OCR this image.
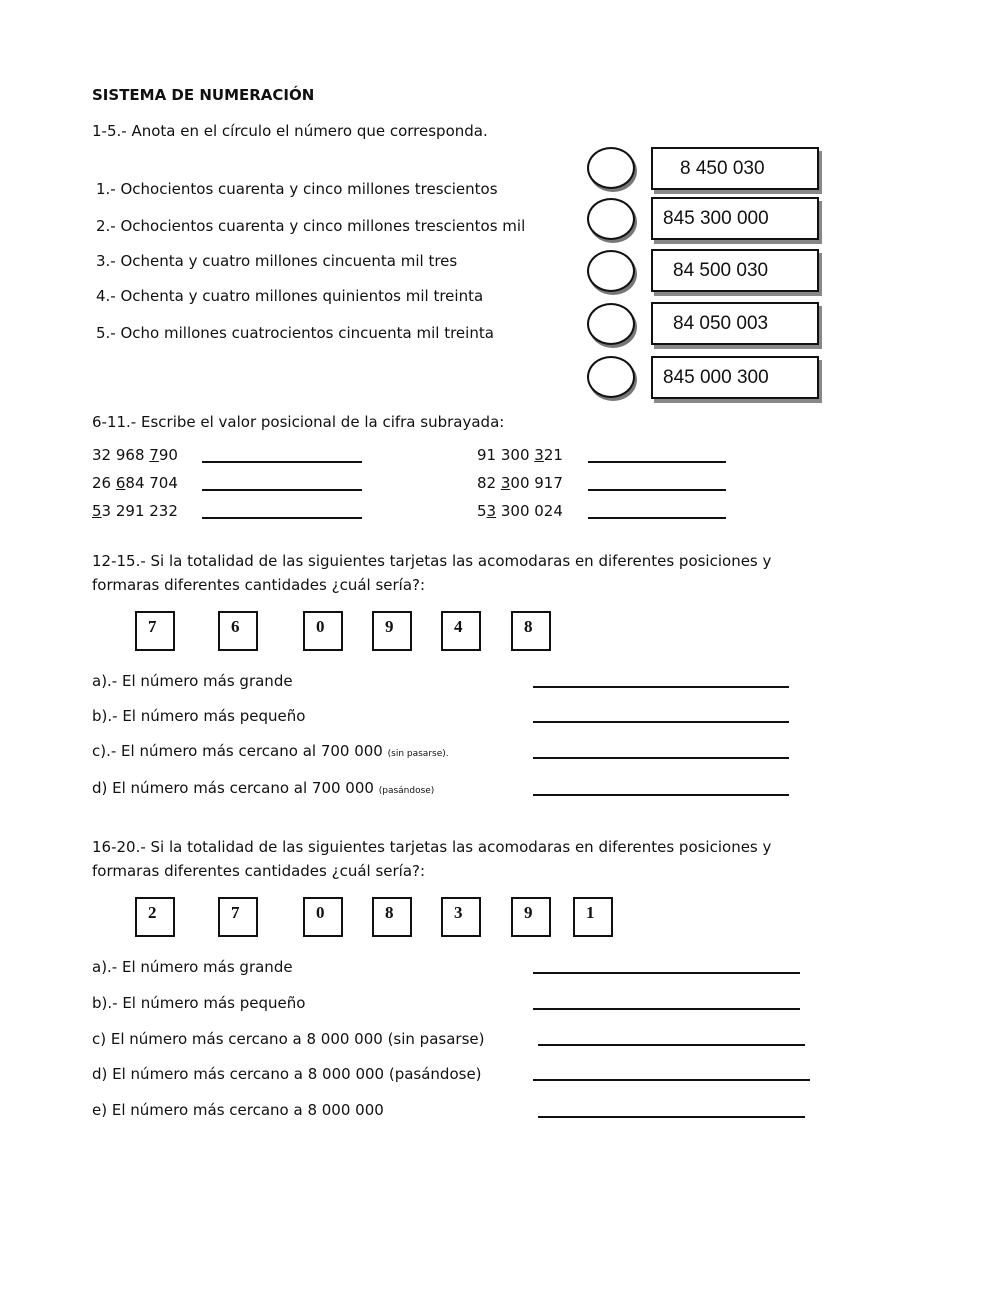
SISTEMA DE NUMERACIÓN
1-5.- Anota en el círculo el número que corresponda.
1.- Ochocientos cuarenta y cinco millones trescientos
2.- Ochocientos cuarenta y cinco millones trescientos mil
3.- Ochenta y cuatro millones cincuenta mil tres
4.- Ochenta y cuatro millones quinientos mil treinta
5.- Ocho millones cuatrocientos cincuenta mil treinta
8 450 030
845 300 000
84 500 030
84 050 003
845 000 300
6-11.- Escribe el valor posicional de la cifra subrayada:
32 968 790	91 300 321
26 684 704	82 300 917
53 291 232	53 300 024
12-15.- Si la totalidad de las siguientes tarjetas las acomodaras en diferentes posiciones y
formaras diferentes cantidades ¿cuál sería?:
7	6	0	9	4	8
a).- El número más grande
b).- El número más pequeño
c).- El número más cercano al 700 000 (sin pasarse).
d) El número más cercano al 700 000 (pasándose)
16-20.- Si la totalidad de las siguientes tarjetas las acomodaras en diferentes posiciones y
formaras diferentes cantidades ¿cuál sería?:
2	7	0	8	3	9	1
a).- El número más grande
b).- El número más pequeño
c) El número más cercano a 8 000 000 (sin pasarse)
d) El número más cercano a 8 000 000 (pasándose)
e) El número más cercano a 8 000 000
